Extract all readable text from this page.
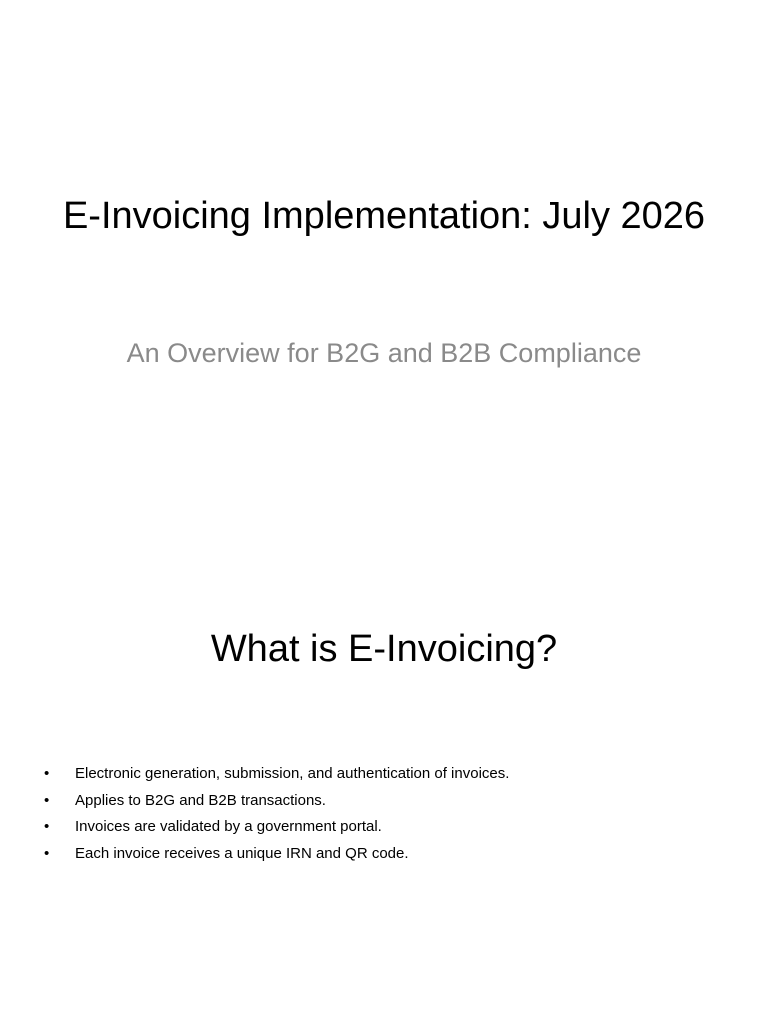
E-Invoicing Implementation: July 2026

An Overview for B2G and B2B Compliance

What is E-Invoicing?
•	Electronic generation, submission, and authentication of invoices.
•	Applies to B2G and B2B transactions.
•	Invoices are validated by a government portal.
•	Each invoice receives a unique IRN and QR code.
